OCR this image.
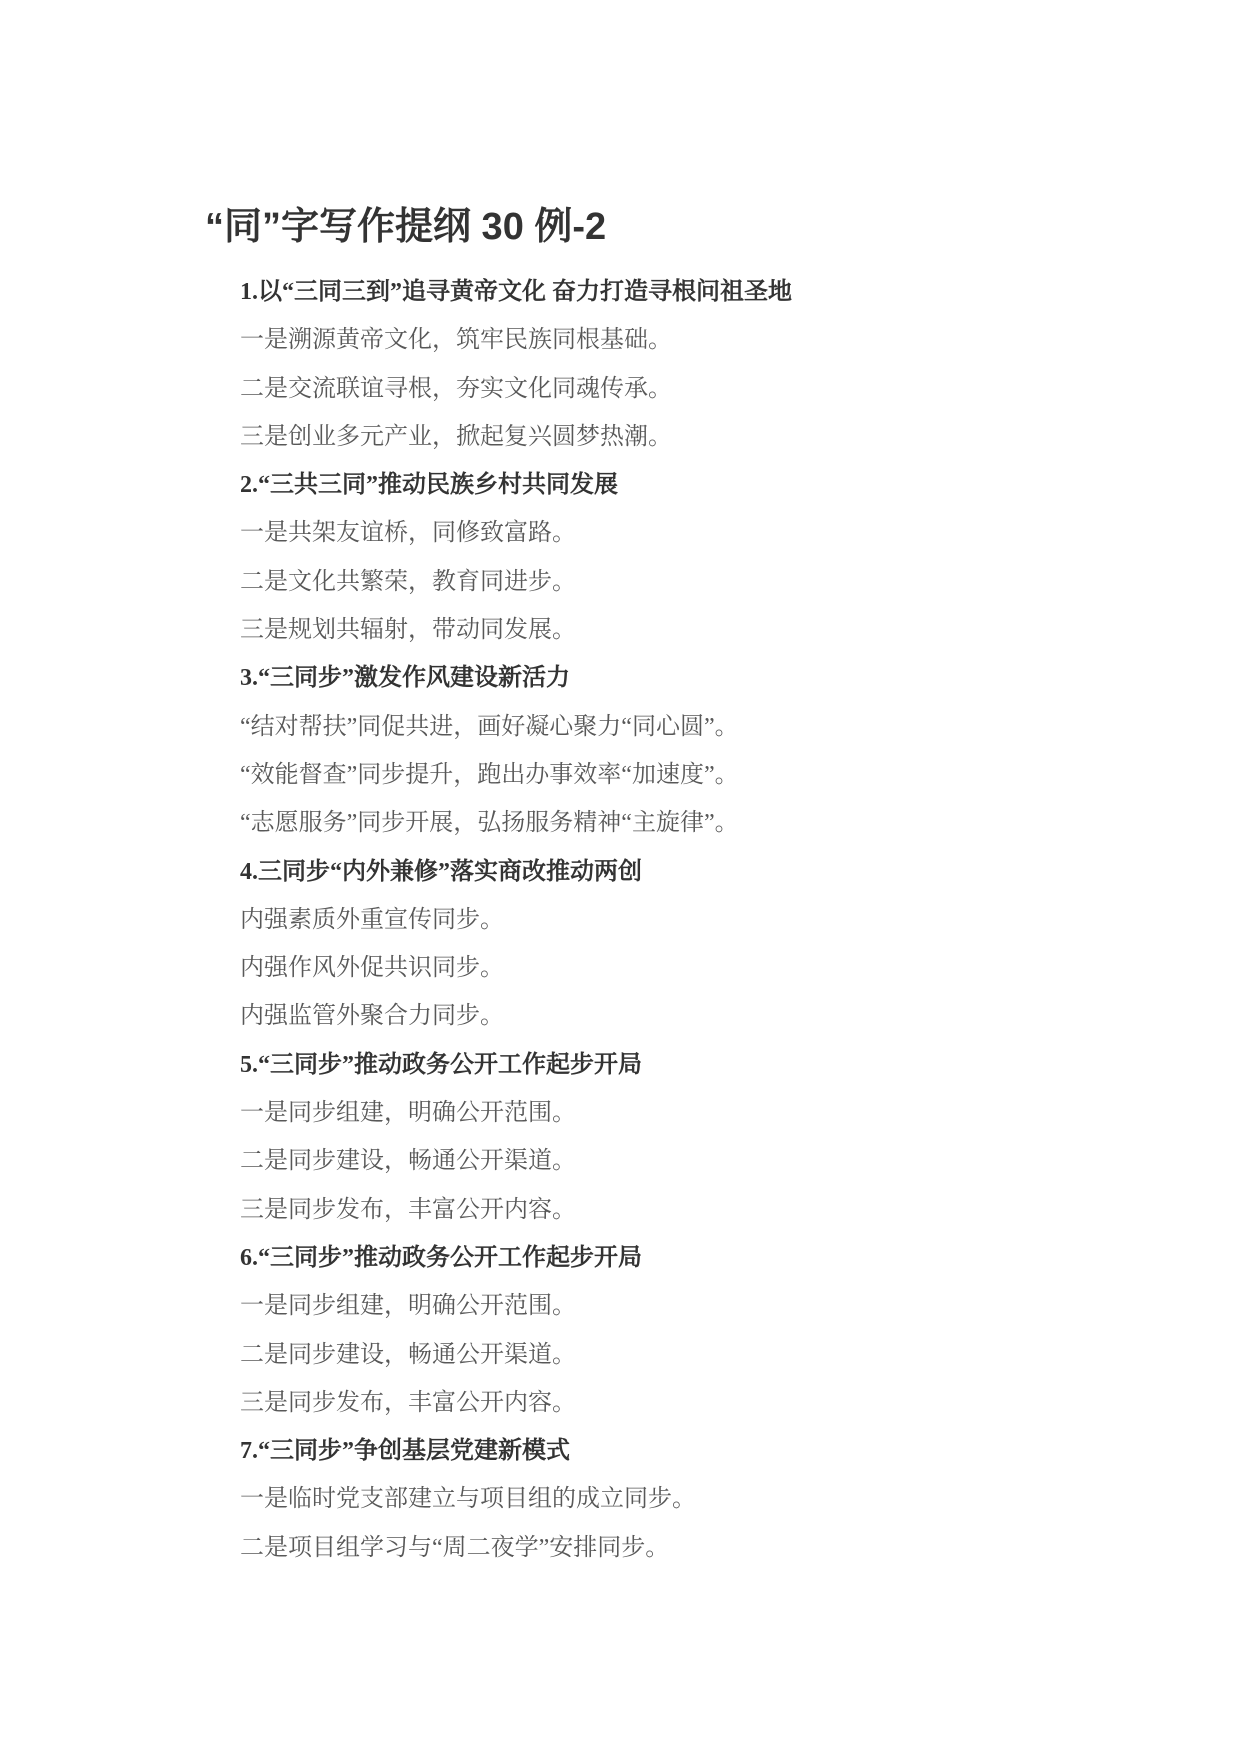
“同”字写作提纲 30 例-2
1.以“三同三到”追寻黄帝文化 奋力打造寻根问祖圣地
一是溯源黄帝文化，筑牢民族同根基础。
二是交流联谊寻根，夯实文化同魂传承。
三是创业多元产业，掀起复兴圆梦热潮。
2.“三共三同”推动民族乡村共同发展
一是共架友谊桥，同修致富路。
二是文化共繁荣，教育同进步。
三是规划共辐射，带动同发展。
3.“三同步”激发作风建设新活力
“结对帮扶”同促共进，画好凝心聚力“同心圆”。
“效能督查”同步提升，跑出办事效率“加速度”。
“志愿服务”同步开展，弘扬服务精神“主旋律”。
4.三同步“内外兼修”落实商改推动两创
内强素质外重宣传同步。
内强作风外促共识同步。
内强监管外聚合力同步。
5.“三同步”推动政务公开工作起步开局
一是同步组建，明确公开范围。
二是同步建设，畅通公开渠道。
三是同步发布，丰富公开内容。
6.“三同步”推动政务公开工作起步开局
一是同步组建，明确公开范围。
二是同步建设，畅通公开渠道。
三是同步发布，丰富公开内容。
7.“三同步”争创基层党建新模式
一是临时党支部建立与项目组的成立同步。
二是项目组学习与“周二夜学”安排同步。
